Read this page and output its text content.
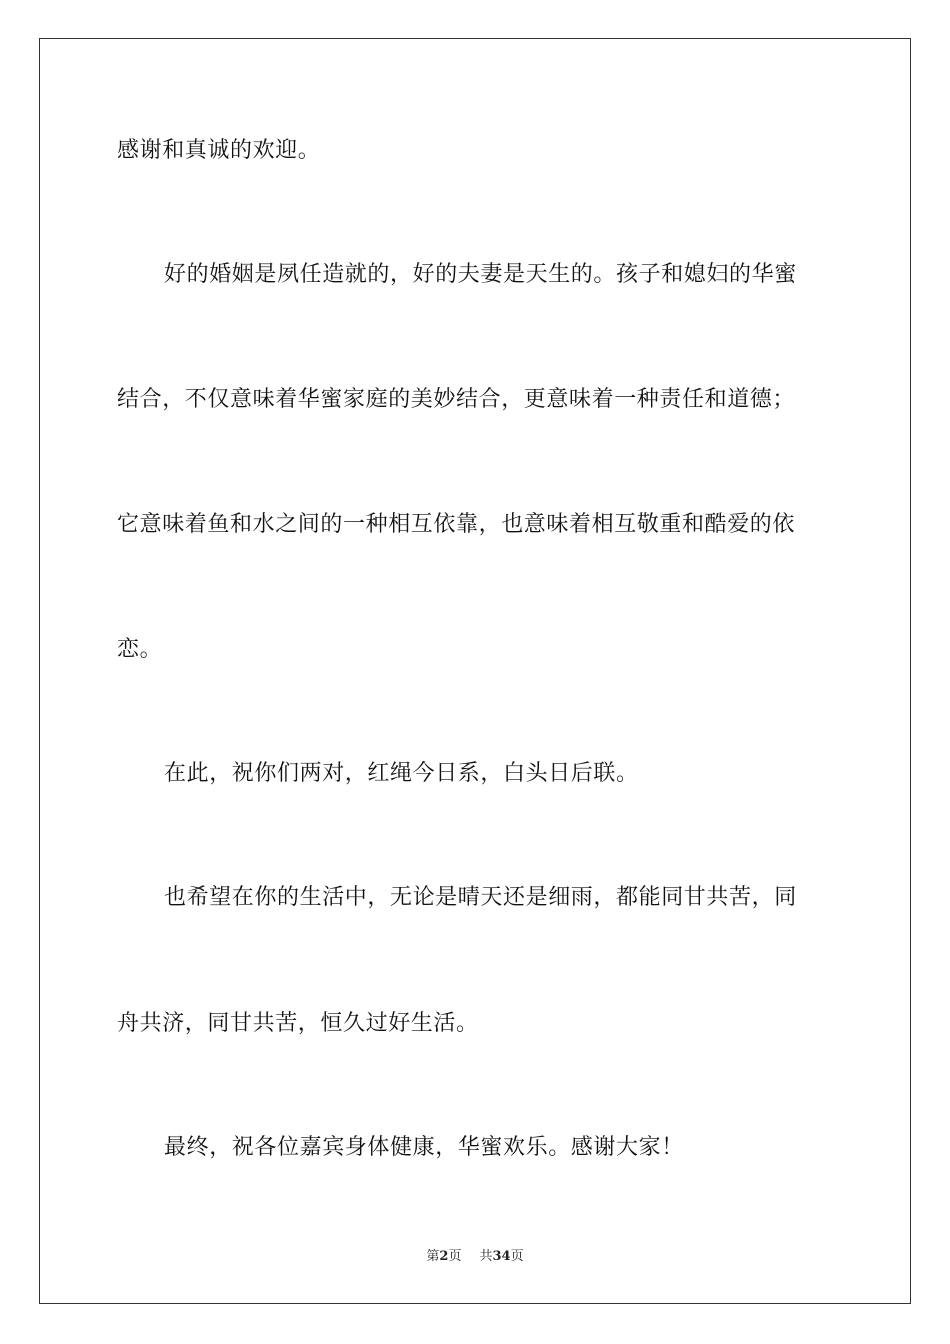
感谢和真诚的欢迎。
好的婚姻是夙任造就的，好的夫妻是天生的。孩子和媳妇的华蜜
结合，不仅意味着华蜜家庭的美妙结合，更意味着一种责任和道德；
它意味着鱼和水之间的一种相互依靠，也意味着相互敬重和酷爱的依
恋。
在此，祝你们两对，红绳今日系，白头日后联。
也希望在你的生活中，无论是晴天还是细雨，都能同甘共苦，同
舟共济，同甘共苦，恒久过好生活。
最终，祝各位嘉宾身体健康，华蜜欢乐。感谢大家！
第2页 共34页
